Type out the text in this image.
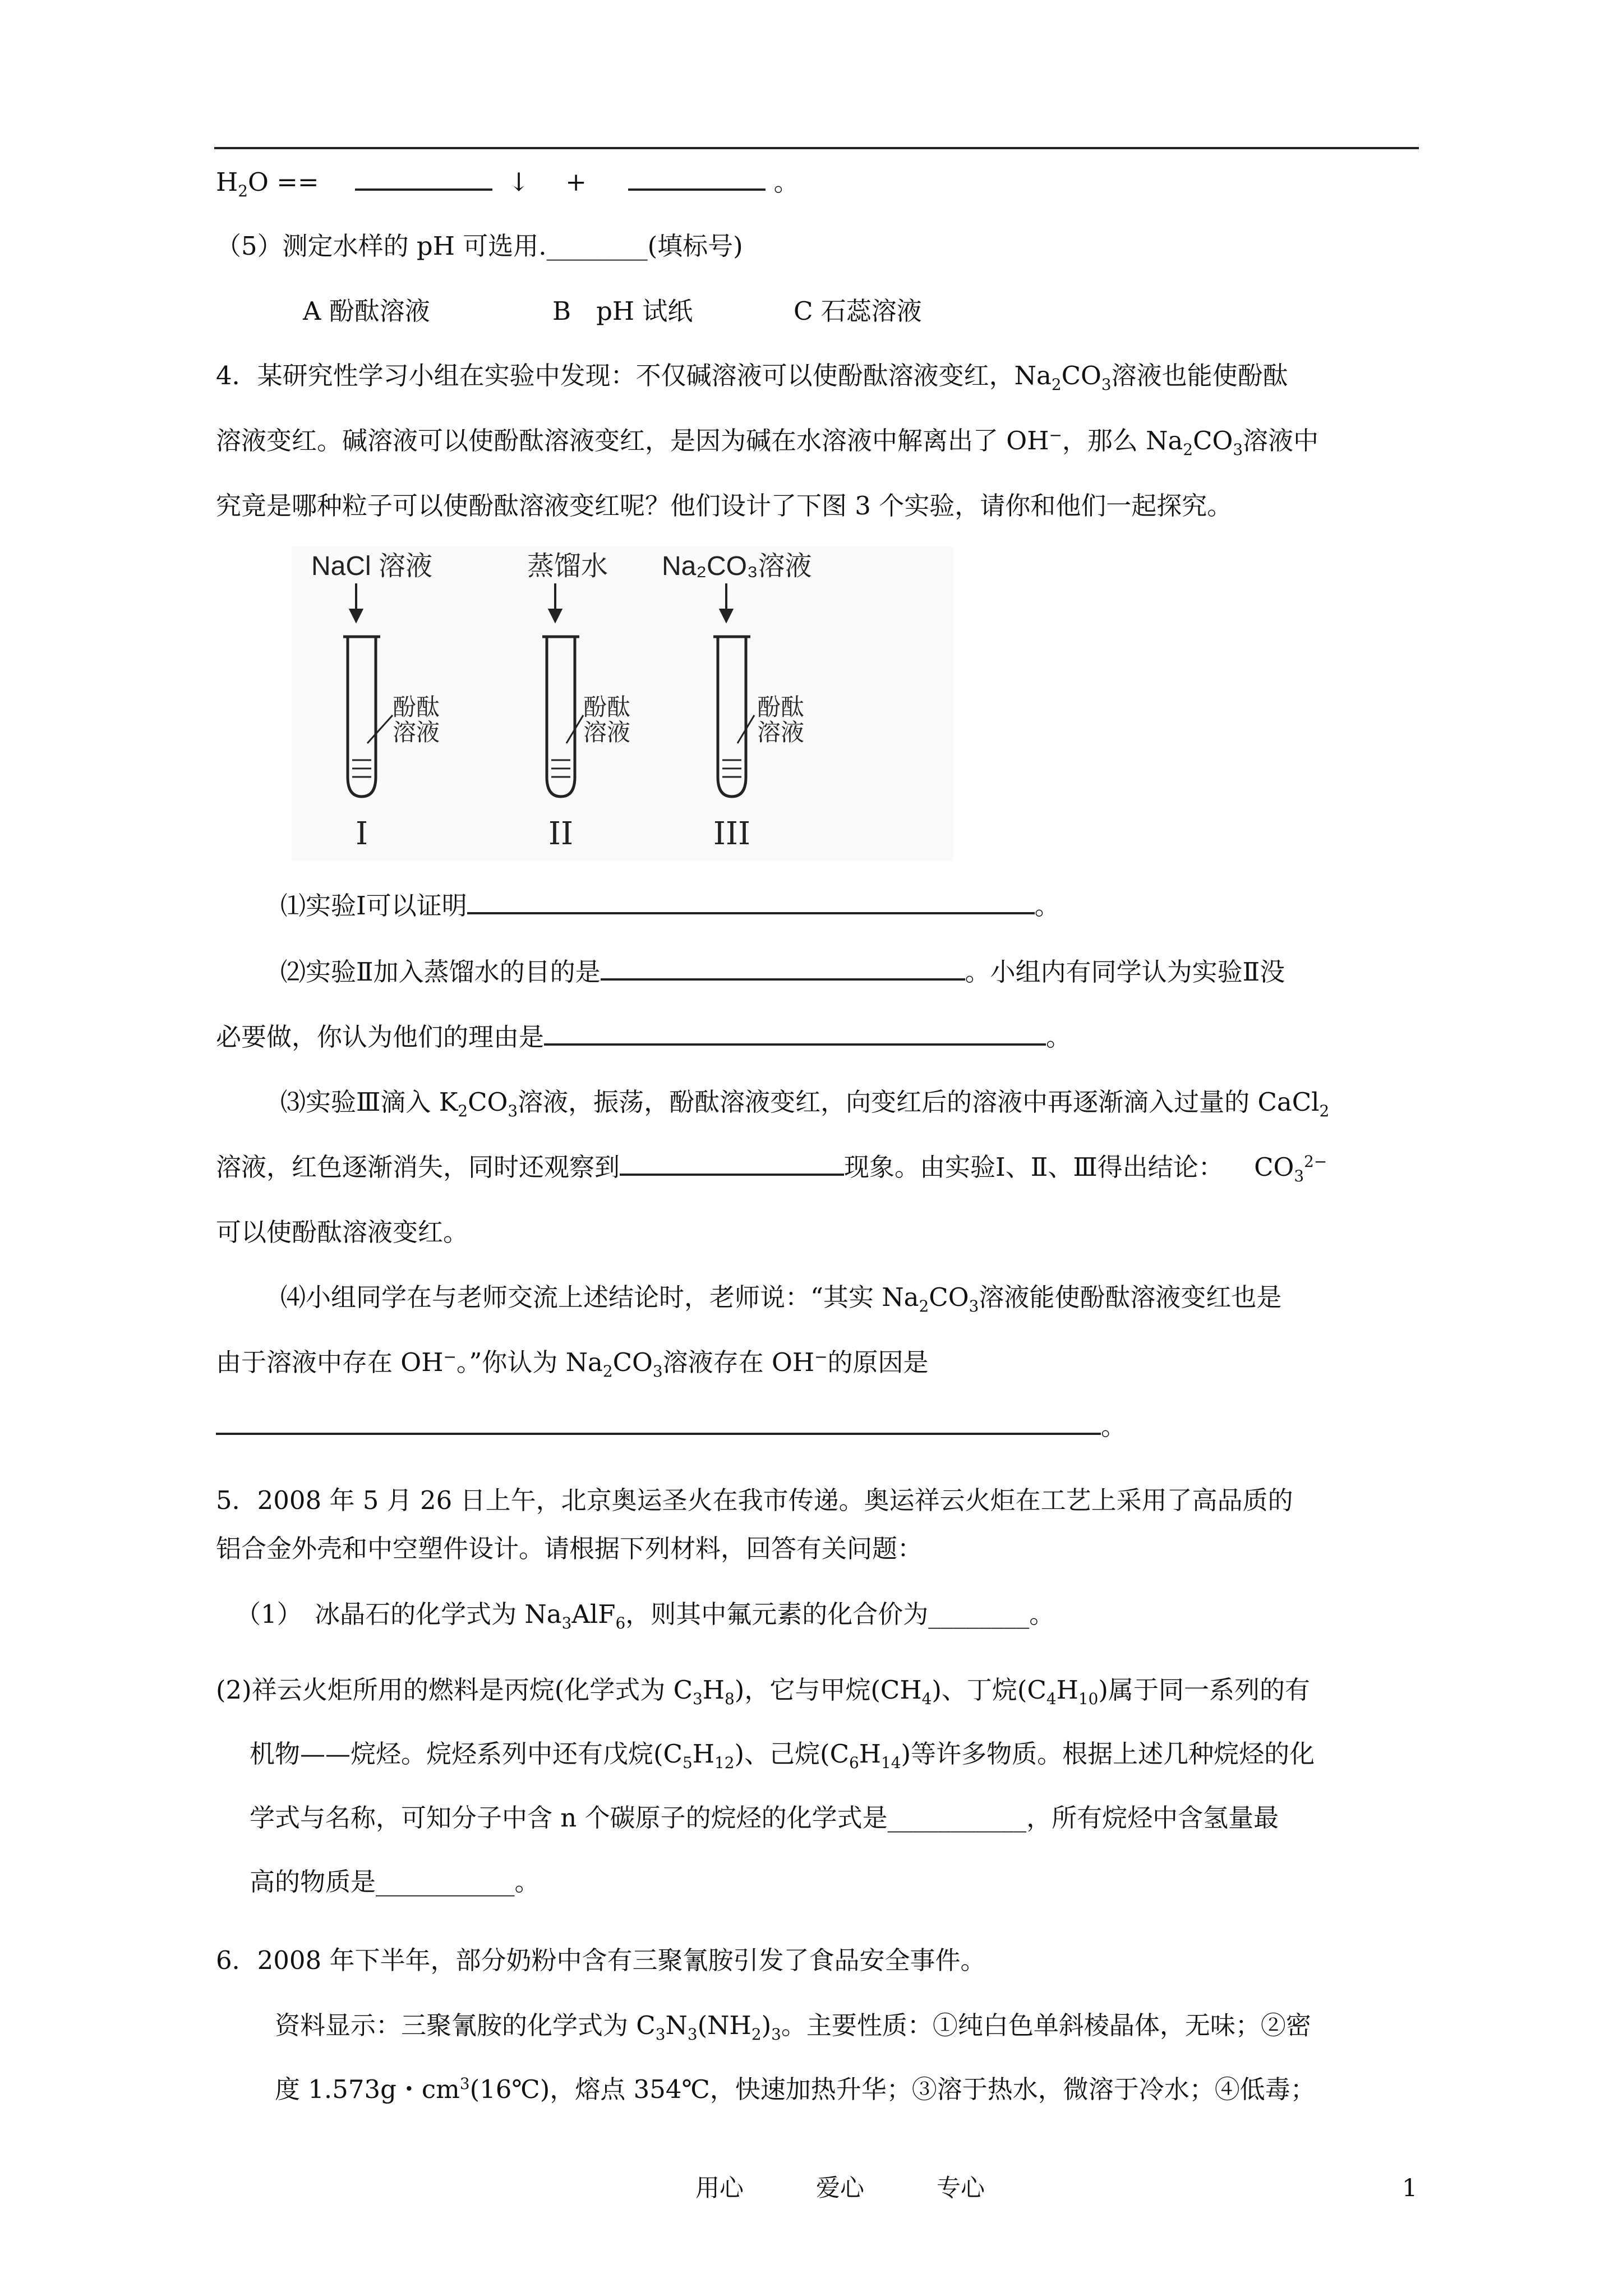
$H_2O$ ==	↓ +	。
（5）测定水样的 pH 可选用.________(填标号)
A 酚酞溶液	B　pH 试纸	C 石蕊溶液
4．某研究性学习小组在实验中发现：不仅碱溶液可以使酚酞溶液变红，$Na_2CO_3$溶液也能使酚酞
溶液变红。碱溶液可以使酚酞溶液变红，是因为碱在水溶液中解离出了 OH−，那么 $Na_2CO_3$溶液中
究竟是哪种粒子可以使酚酞溶液变红呢？他们设计了下图 3 个实验，请你和他们一起探究。
NaCl 溶液	蒸馏水 Na₂CO₃溶液
酚酞
溶液
酚酞
溶液
酚酞
溶液
I	II	III
⑴实验Ⅰ可以证明	。
⑵实验Ⅱ加入蒸馏水的目的是	。小组内有同学认为实验Ⅱ没
必要做，你认为他们的理由是	。
⑶实验Ⅲ滴入 $K_2CO_3$溶液，振荡，酚酞溶液变红，向变红后的溶液中再逐渐滴入过量的 CaCl$_2$
溶液，红色逐渐消失，同时还观察到	现象。由实验Ⅰ、Ⅱ、Ⅲ得出结论： $CO_3^{2-}$
可以使酚酞溶液变红。
⑷小组同学在与老师交流上述结论时，老师说：“其实 $Na_2CO_3$溶液能使酚酞溶液变红也是
由于溶液中存在 OH−。”你认为 $Na_2CO_3$溶液存在 OH−的原因是
。
5．2008 年 5 月 26 日上午，北京奥运圣火在我市传递。奥运祥云火炬在工艺上采用了高品质的
铝合金外壳和中空塑件设计。请根据下列材料，回答有关问题：
（1）　冰晶石的化学式为 $Na_3AlF_6$，则其中氟元素的化合价为________。
(2)祥云火炬所用的燃料是丙烷(化学式为 $C_3H_8$)，它与甲烷$(CH_4)$、丁烷$(C_4H_{10})$属于同一系列的有
机物——烷烃。烷烃系列中还有戊烷$(C_5H_{12})$、己烷$(C_6H_{14})$等许多物质。根据上述几种烷烃的化
学式与名称，可知分子中含 n 个碳原子的烷烃的化学式是___________，所有烷烃中含氢量最
高的物质是___________。
6．2008 年下半年，部分奶粉中含有三聚氰胺引发了食品安全事件。
资料显示：三聚氰胺的化学式为 $C_3N_3(NH_2)_3$。主要性质：①纯白色单斜棱晶体，无味；②密
度 1.573g・$cm^3(16℃)$，熔点 354℃，快速加热升华；③溶于热水，微溶于冷水；④低毒；
用心　　　爱心　　　专心	1
